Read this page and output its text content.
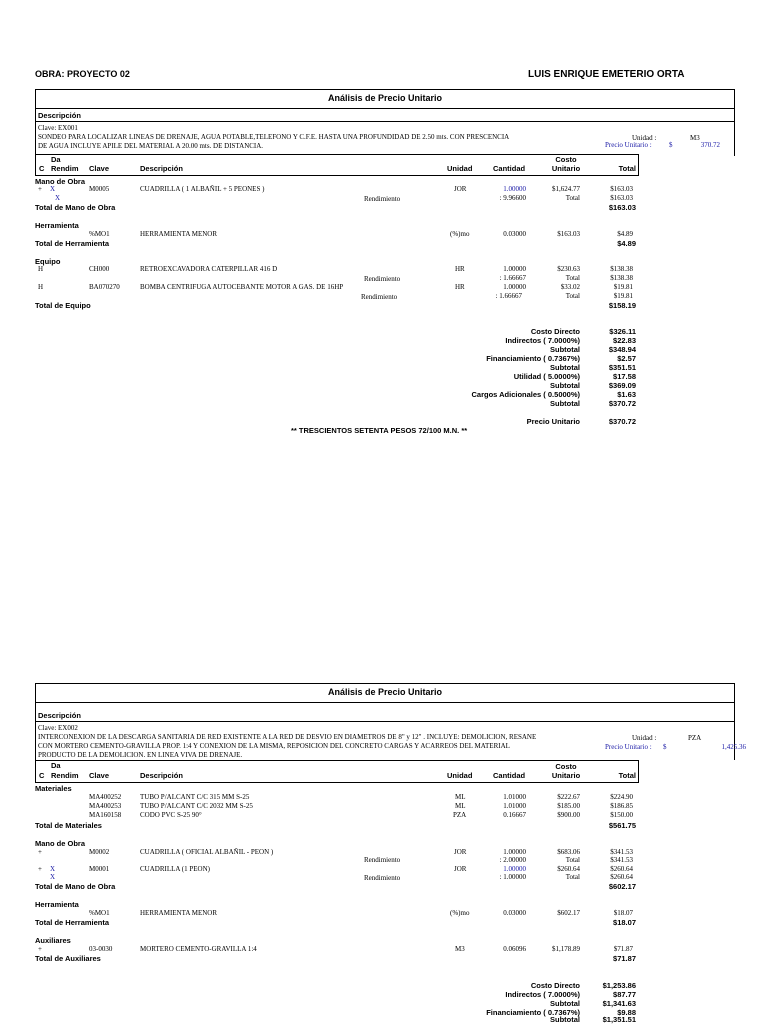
OBRA: PROYECTO 02	LUIS ENRIQUE EMETERIO ORTA
Análisis de Precio Unitario
Descripción
Clave: EX001
SONDEO PARA LOCALIZAR LINEAS DE DRENAJE, AGUA POTABLE,TELEFONO Y C.F.E. HASTA UNA PROFUNDIDAD DE 2.50 mts. CON PRESCENCIA
DE AGUA INCLUYE APILE DEL MATERIAL A 20.00 mts. DE DISTANCIA.
Unidad :	M3
Precio Unitario : $	370.72
Da
C Rendim Clave	Descripción	Unidad	Cantidad
Costo
Unitario	Total
Mano de Obra
+ X	M0005	CUADRILLA ( 1 ALBAÑIL + 5 PEONES )	JOR	1.00000	$1,624.77	$163.03
X	Rendimiento	: 9.96600	Total	$163.03
Total de Mano de Obra	$163.03
Herramienta
%MO1	HERRAMIENTA MENOR	(%)mo	0.03000	$163.03	$4.89
Total de Herramienta	$4.89
Equipo
H	CH000	RETROEXCAVADORA CATERPILLAR 416 D	HR	1.00000	$230.63	$138.38
Rendimiento	: 1.66667	Total	$138.38
H	BA070270	BOMBA CENTRIFUGA AUTOCEBANTE MOTOR A GAS. DE 16HP	HR	1.00000	$33.02	$19.81
Rendimiento	: 1.66667	Total	$19.81
Total de Equipo	$158.19
Costo Directo	$326.11
Indirectos ( 7.0000%)	$22.83
Subtotal	$348.94
Financiamiento ( 0.7367%)	$2.57
Subtotal	$351.51
Utilidad ( 5.0000%)	$17.58
Subtotal	$369.09
Cargos Adicionales ( 0.5000%)	$1.63
Subtotal	$370.72
Precio Unitario	$370.72
** TRESCIENTOS SETENTA PESOS 72/100 M.N. **
Análisis de Precio Unitario
Descripción
Clave: EX002
INTERCONEXION DE LA DESCARGA SANITARIA DE RED EXISTENTE A LA RED DE DESVIO EN DIAMETROS DE 8" y 12" . INCLUYE: DEMOLICION, RESANE
CON MORTERO CEMENTO-GRAVILLA PROP. 1:4 Y CONEXION DE LA MISMA, REPOSICION DEL CONCRETO CARGAS Y ACARREOS DEL MATERIAL
PRODUCTO DE LA DEMOLICION. EN LINEA VIVA DE DRENAJE.
Unidad :	PZA
Precio Unitario : $	1,425.36
Da
C Rendim Clave	Descripción	Unidad	Cantidad
Costo
Unitario	Total
Materiales
MA400252	TUBO P/ALCANT C/C 315 MM S-25	ML	1.01000	$222.67	$224.90
MA400253	TUBO P/ALCANT C/C 2032 MM S-25	ML	1.01000	$185.00	$186.85
MA160158	CODO PVC S-25 90°	PZA	0.16667	$900.00	$150.00
Total de Materiales	$561.75
Mano de Obra
+	M0002	CUADRILLA ( OFICIAL ALBAÑIL - PEON )	JOR	1.00000	$683.06	$341.53
Rendimiento	: 2.00000	Total	$341.53
+ X	M0001	CUADRILLA (1 PEON)	JOR	1.00000	$260.64	$260.64
X	Rendimiento	: 1.00000	Total	$260.64
Total de Mano de Obra	$602.17
Herramienta
%MO1	HERRAMIENTA MENOR	(%)mo	0.03000	$602.17	$18.07
Total de Herramienta	$18.07
Auxiliares
+	03-0030	MORTERO CEMENTO-GRAVILLA 1:4	M3	0.06096	$1,178.89	$71.87
Total de Auxiliares	$71.87
Costo Directo	$1,253.86
Indirectos ( 7.0000%)	$87.77
Subtotal	$1,341.63
Financiamiento ( 0.7367%)	$9.88
Subtotal	$1,351.51
